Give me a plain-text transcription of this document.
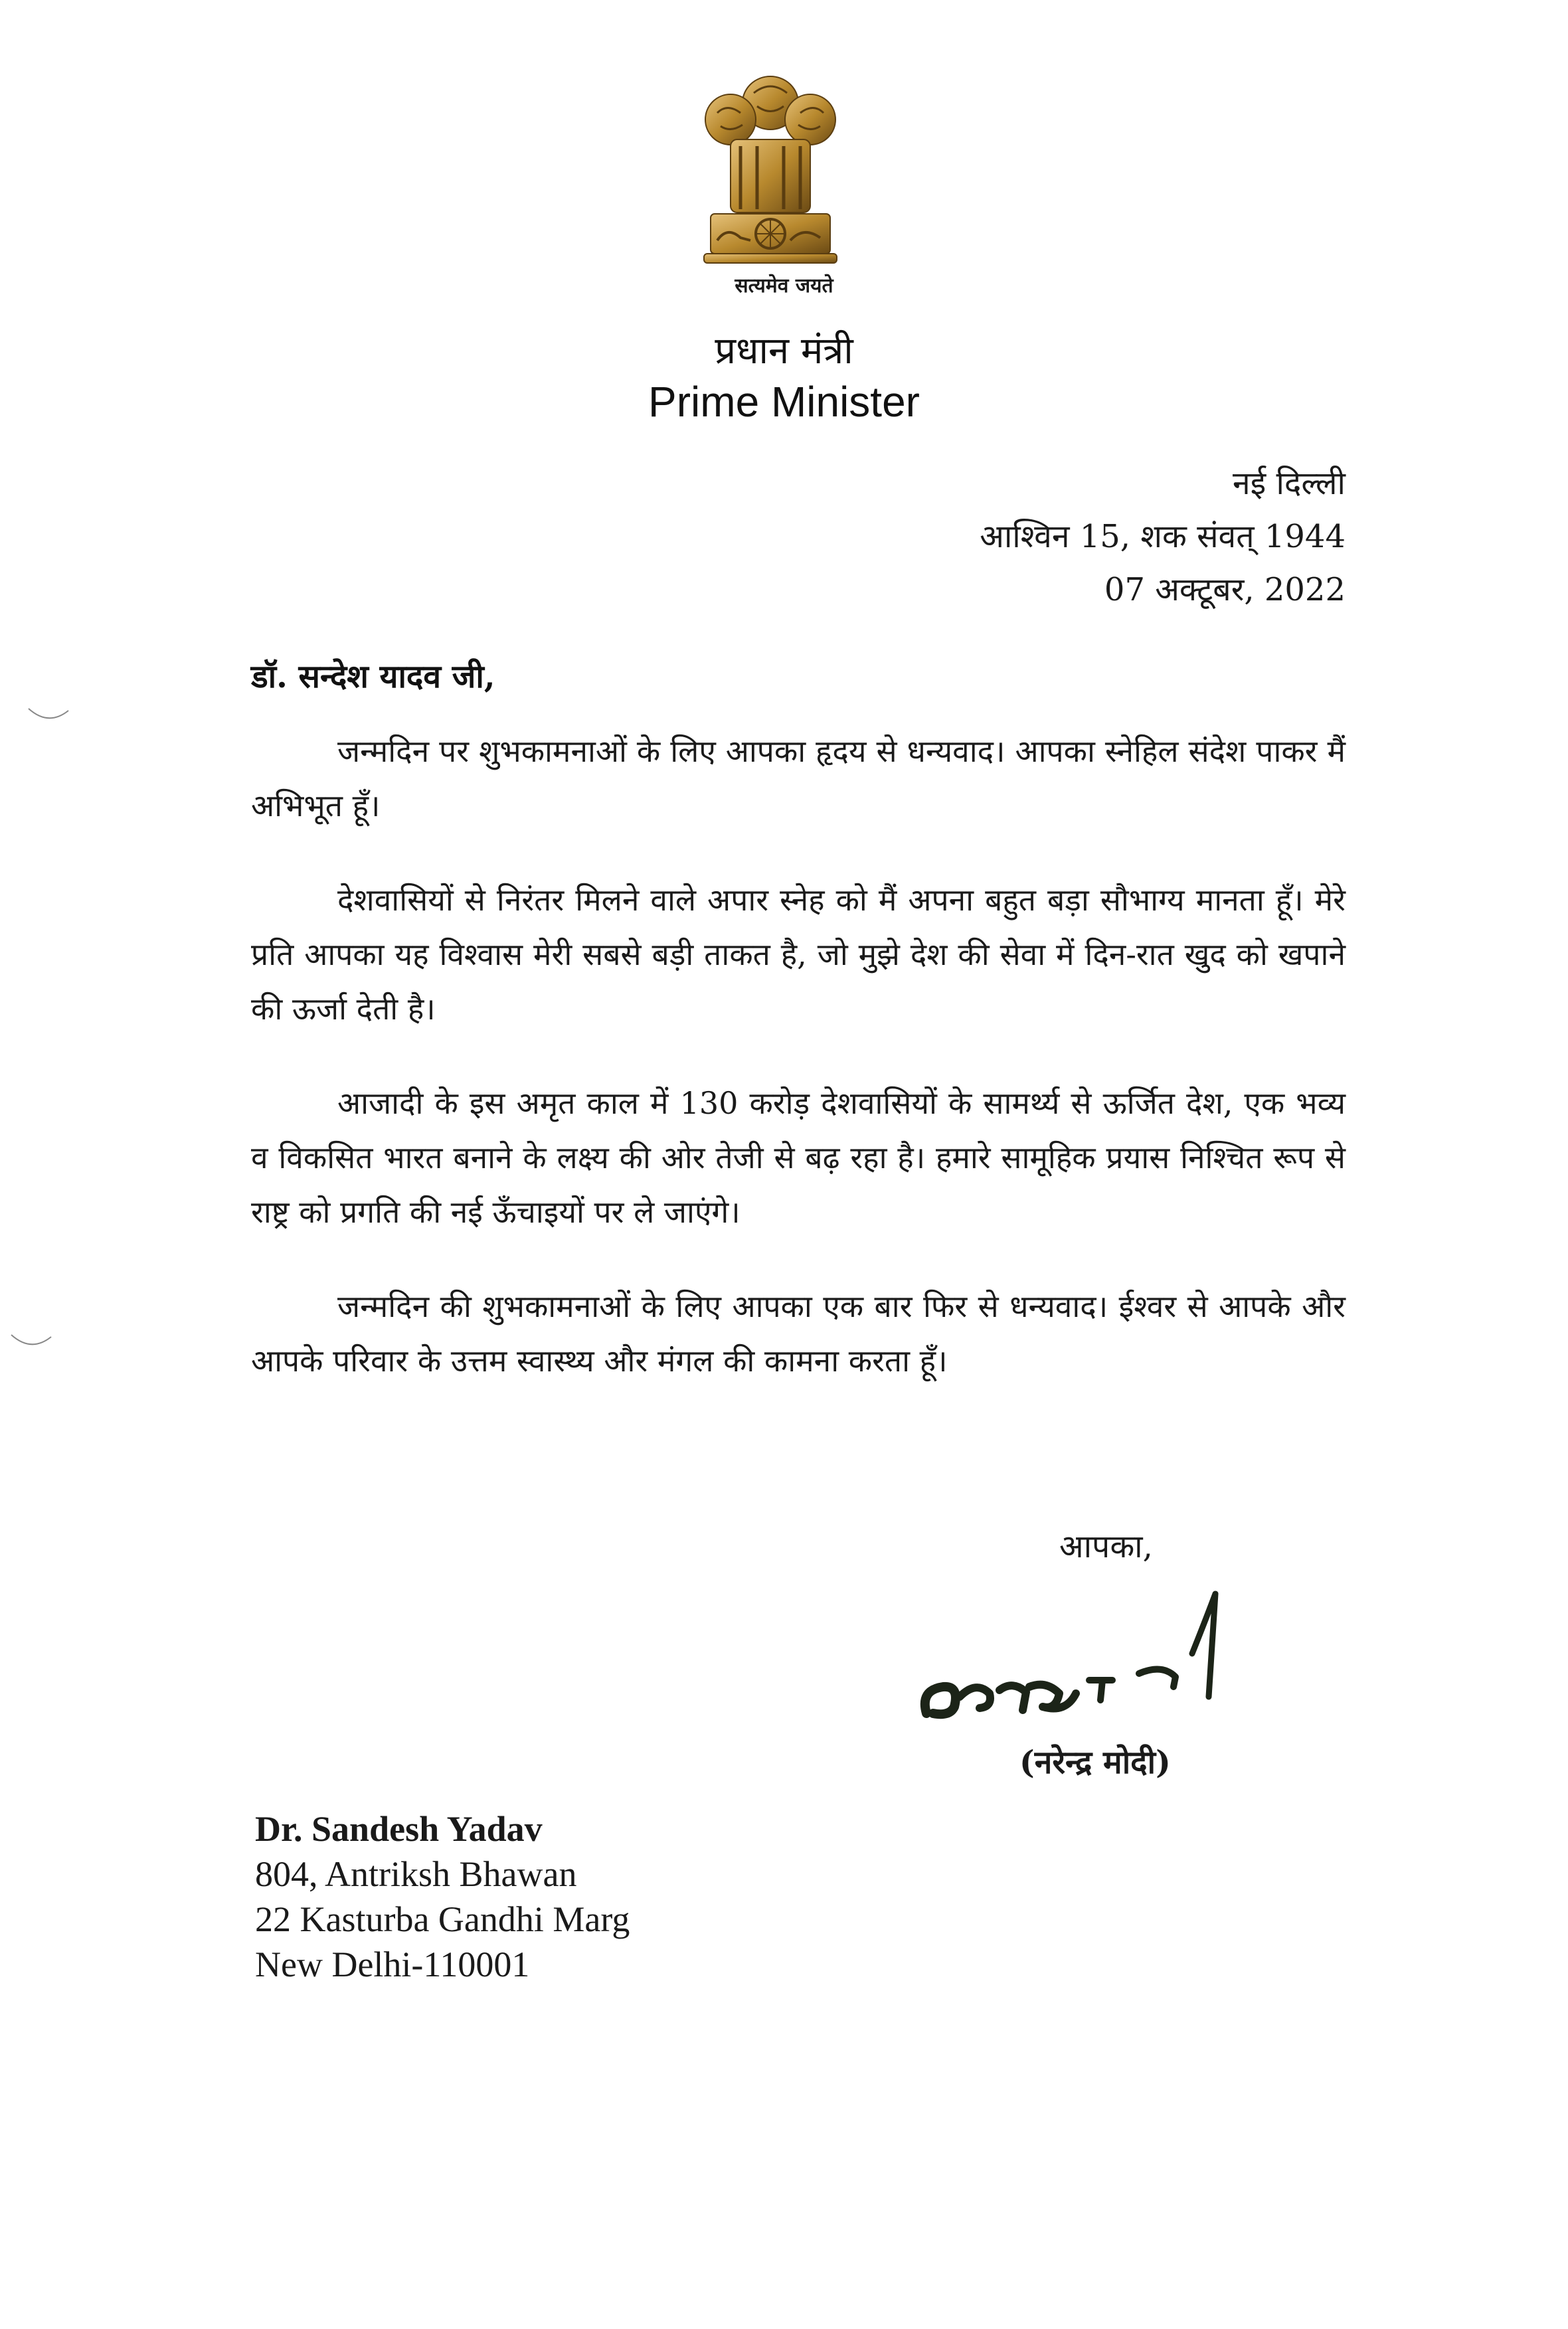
सत्यमेव जयते
प्रधान मंत्री
Prime Minister
नई दिल्ली
आश्विन 15, शक संवत् 1944
07 अक्टूबर, 2022
डॉ. सन्देश यादव जी,

जन्मदिन पर शुभकामनाओं के लिए आपका हृदय से धन्यवाद। आपका स्नेहिल संदेश पाकर मैं अभिभूत हूँ।

देशवासियों से निरंतर मिलने वाले अपार स्नेह को मैं अपना बहुत बड़ा सौभाग्य मानता हूँ। मेरे प्रति आपका यह विश्वास मेरी सबसे बड़ी ताकत है, जो मुझे देश की सेवा में दिन-रात खुद को खपाने की ऊर्जा देती है।

आजादी के इस अमृत काल में 130 करोड़ देशवासियों के सामर्थ्य से ऊर्जित देश, एक भव्य व विकसित भारत बनाने के लक्ष्य की ओर तेजी से बढ़ रहा है। हमारे सामूहिक प्रयास निश्चित रूप से राष्ट्र को प्रगति की नई ऊँचाइयों पर ले जाएंगे।

जन्मदिन की शुभकामनाओं के लिए आपका एक बार फिर से धन्यवाद। ईश्वर से आपके और आपके परिवार के उत्तम स्वास्थ्य और मंगल की कामना करता हूँ।

आपका,
(नरेन्द्र मोदी)
Dr. Sandesh Yadav
804, Antriksh Bhawan
22 Kasturba Gandhi Marg
New Delhi-110001
